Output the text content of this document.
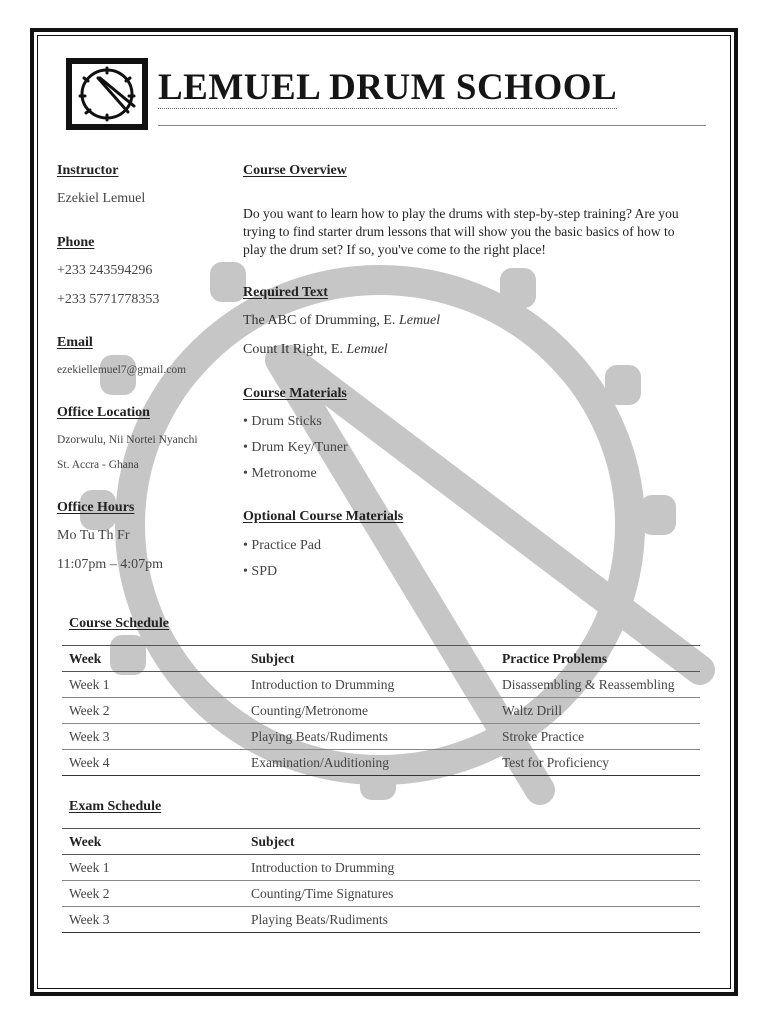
LEMUEL DRUM SCHOOL
Instructor
Ezekiel Lemuel
Phone
+233 243594296
+233 5771778353
Email
ezekiellemuel7@gmail.com
Office Location
Dzorwulu, Nii Nortei Nyanchi
St. Accra - Ghana
Office Hours
Mo Tu Th Fr
11:07pm – 4:07pm
Course Overview
Do you want to learn how to play the drums with step-by-step training? Are you trying to find starter drum lessons that will show you the basic basics of how to play the drum set? If so, you've come to the right place!
Required Text
The ABC of Drumming, E. Lemuel
Count It Right, E. Lemuel
Course Materials
• Drum Sticks
• Drum Key/Tuner
• Metronome
Optional Course Materials
• Practice Pad
• SPD
Course Schedule
Week	Subject	Practice Problems
Week 1	Introduction to Drumming	Disassembling & Reassembling
Week 2	Counting/Metronome	Waltz Drill
Week 3	Playing Beats/Rudiments	Stroke Practice
Week 4	Examination/Auditioning	Test for Proficiency
Exam Schedule
Week	Subject	
Week 1	Introduction to Drumming	
Week 2	Counting/Time Signatures	
Week 3	Playing Beats/Rudiments	
